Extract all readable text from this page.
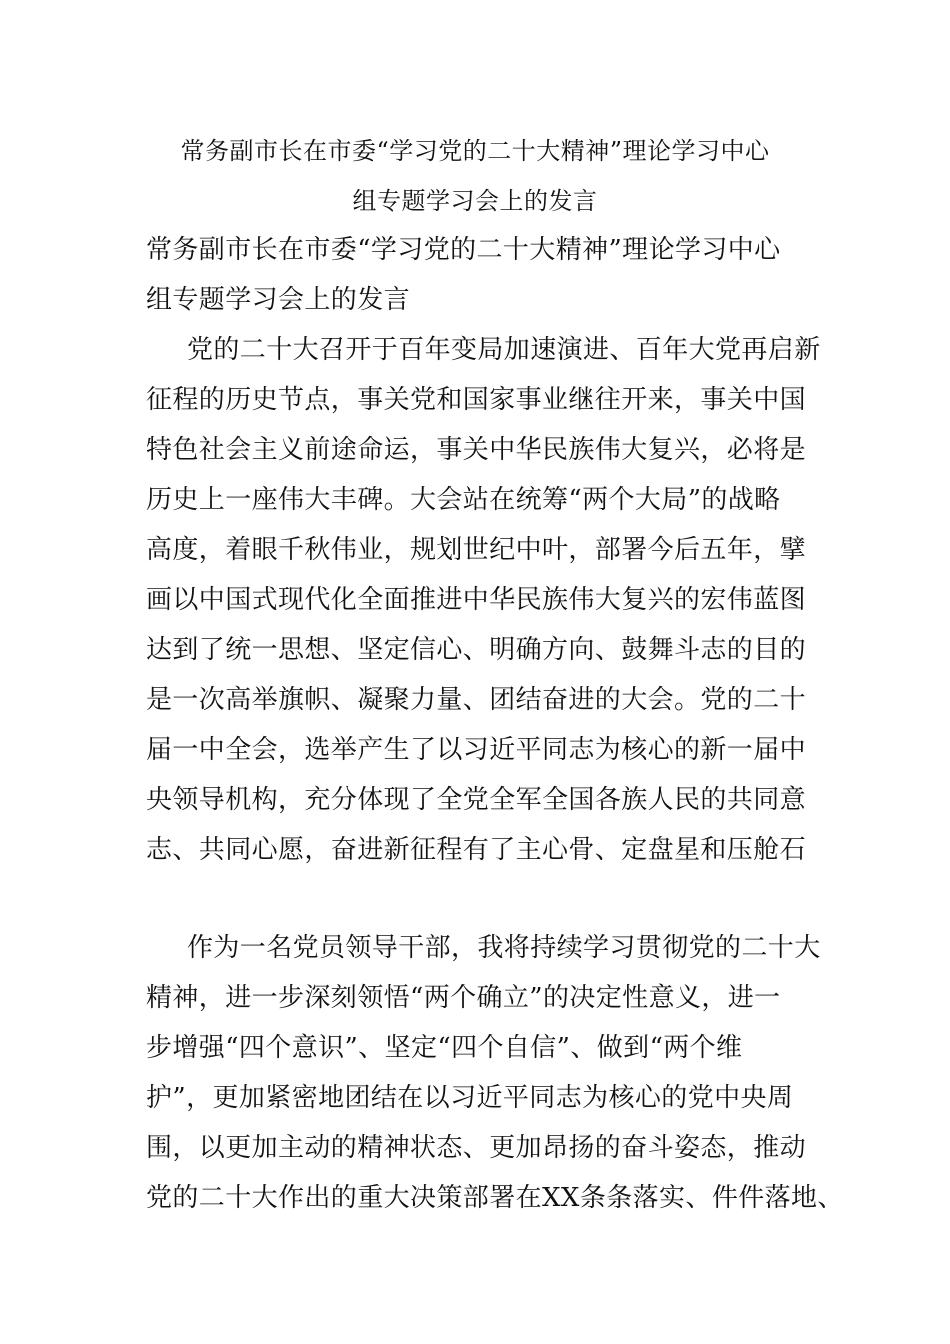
常务副市长在市委“学习党的二十大精神”理论学习中心
组专题学习会上的发言
常务副市长在市委“学习党的二十大精神”理论学习中心
组专题学习会上的发言
党的二十大召开于百年变局加速演进、百年大党再启新
征程的历史节点，事关党和国家事业继往开来，事关中国
特色社会主义前途命运，事关中华民族伟大复兴，必将是
历史上一座伟大丰碑。大会站在统筹“两个大局”的战略
高度，着眼千秋伟业，规划世纪中叶，部署今后五年，擘
画以中国式现代化全面推进中华民族伟大复兴的宏伟蓝图
达到了统一思想、坚定信心、明确方向、鼓舞斗志的目的
是一次高举旗帜、凝聚力量、团结奋进的大会。党的二十
届一中全会，选举产生了以习近平同志为核心的新一届中
央领导机构，充分体现了全党全军全国各族人民的共同意
志、共同心愿，奋进新征程有了主心骨、定盘星和压舱石
作为一名党员领导干部，我将持续学习贯彻党的二十大
精神，进一步深刻领悟“两个确立”的决定性意义，进一
步增强“四个意识”、坚定“四个自信”、做到“两个维
护”，更加紧密地团结在以习近平同志为核心的党中央周
围，以更加主动的精神状态、更加昂扬的奋斗姿态，推动
党的二十大作出的重大决策部署在XX条条落实、件件落地、
